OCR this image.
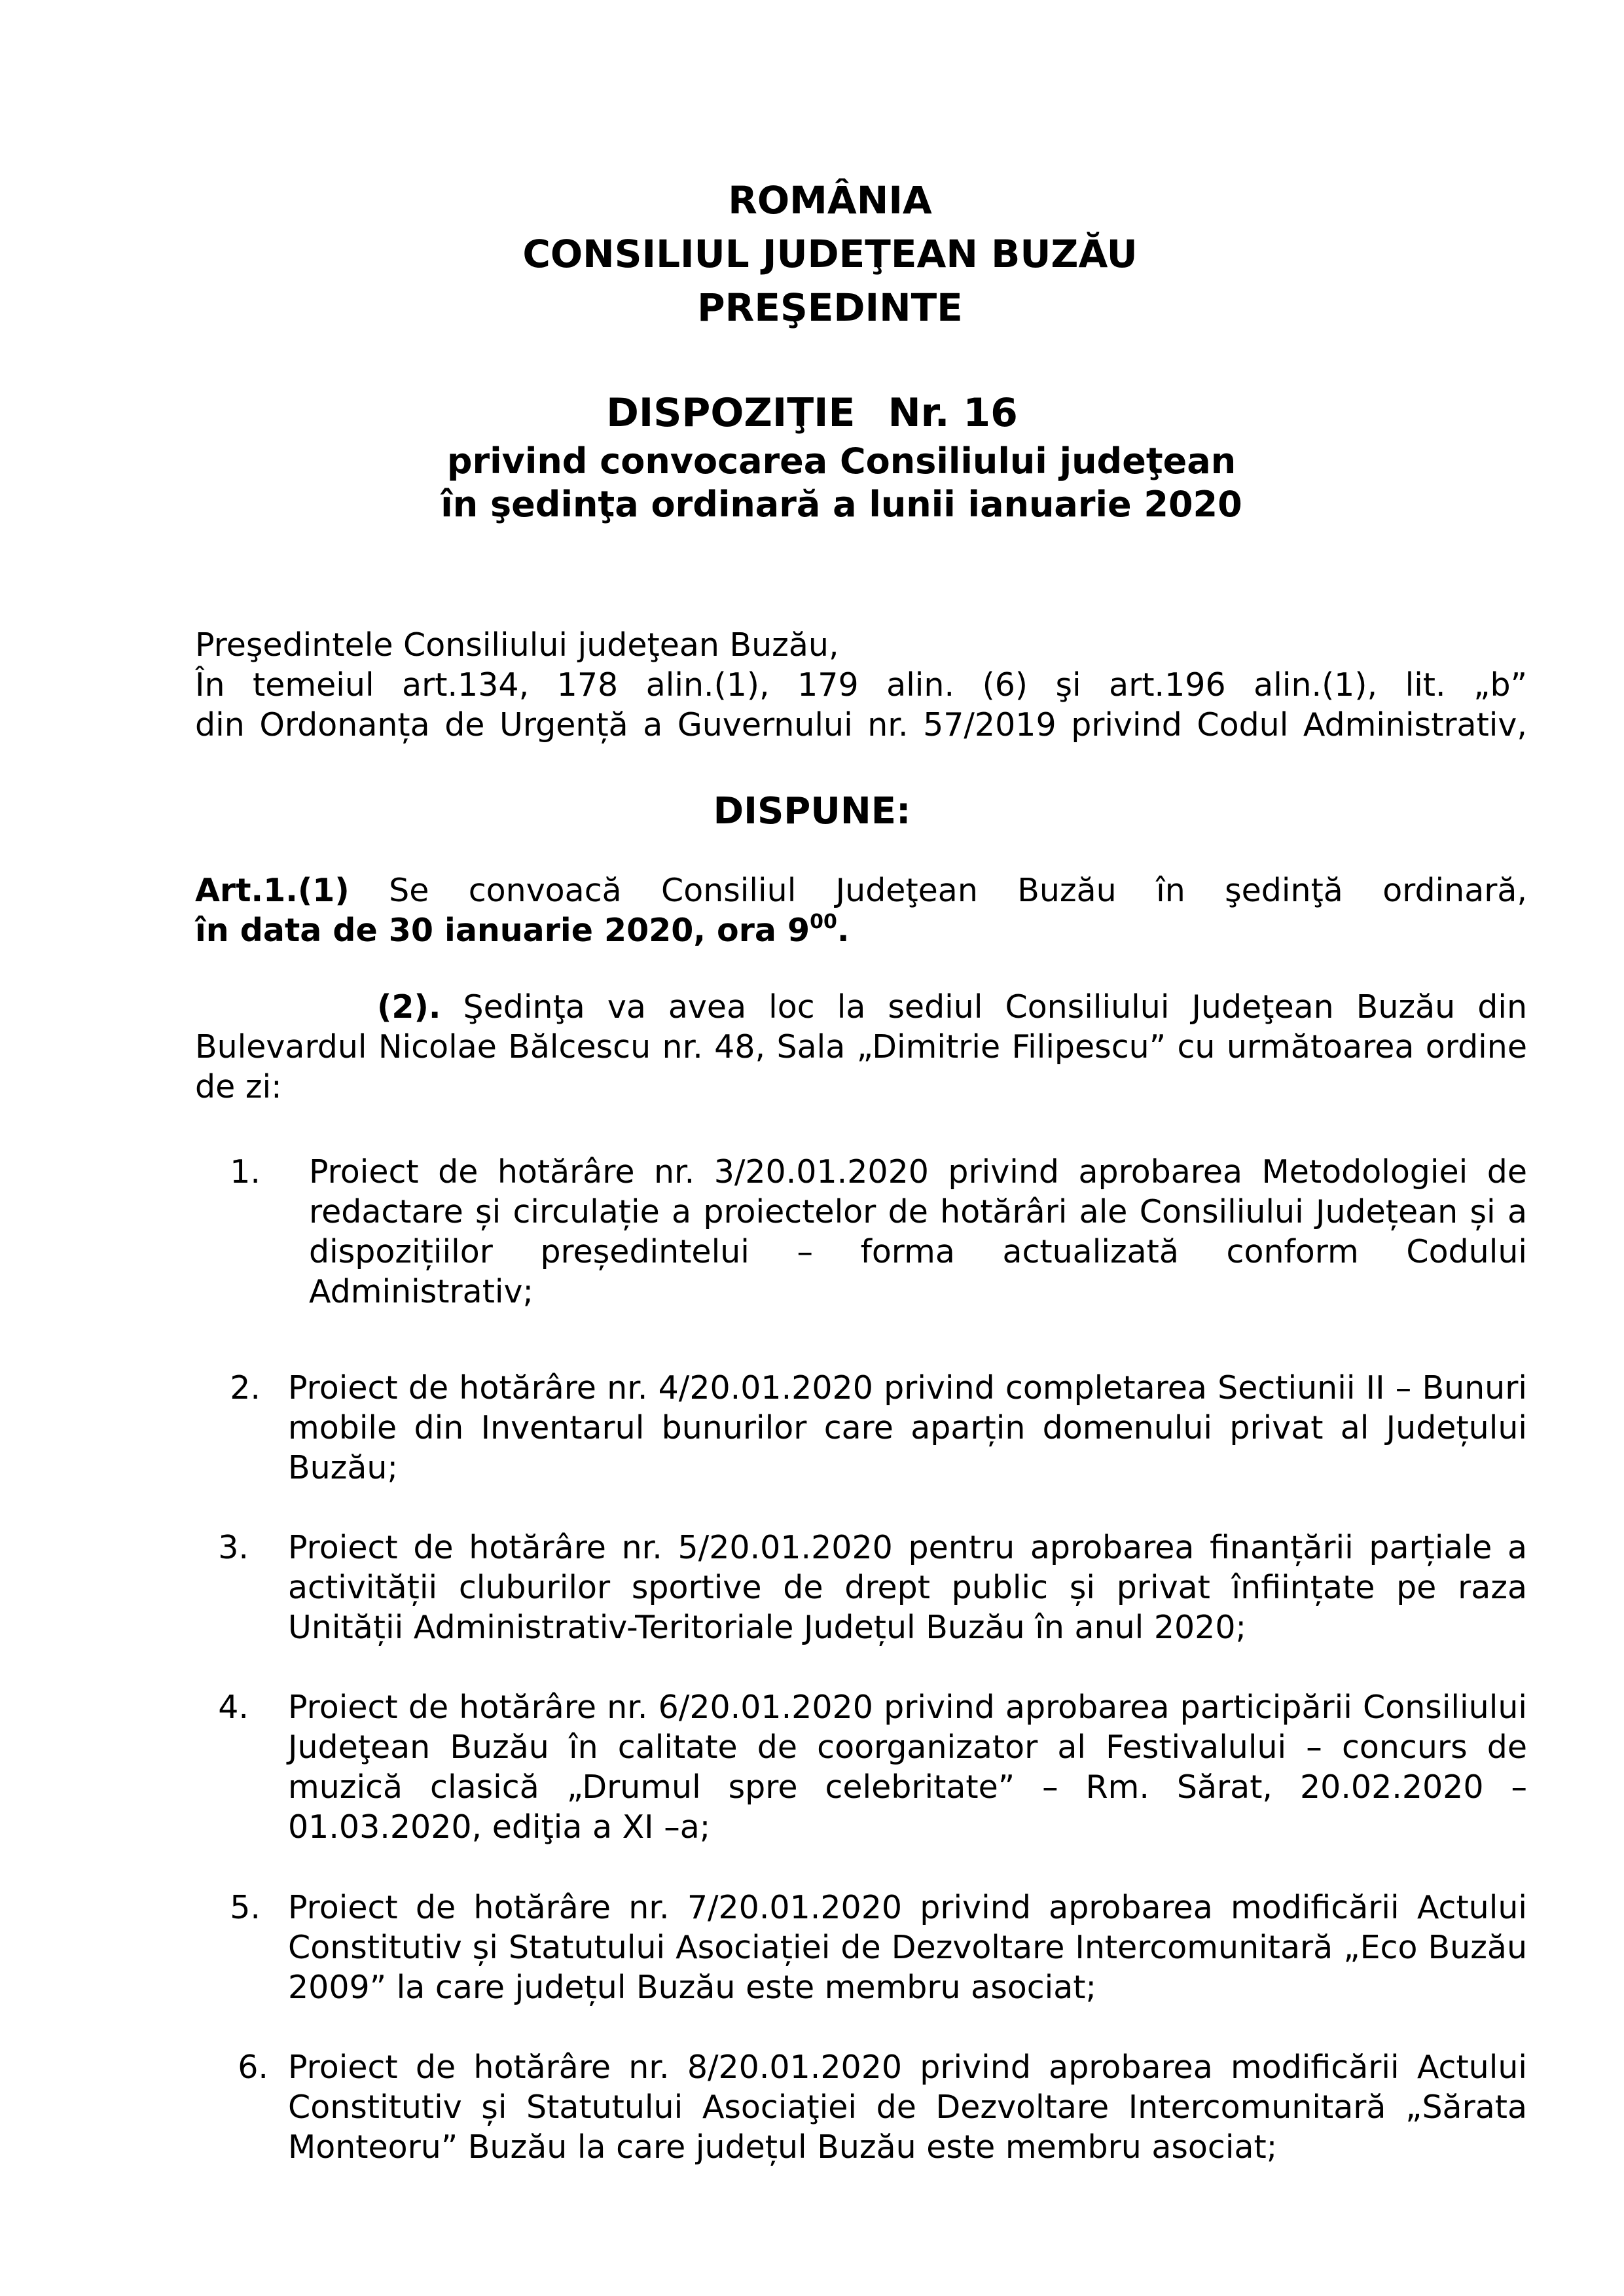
ROMÂNIA
CONSILIUL JUDEŢEAN BUZĂU
PREŞEDINTE
DISPOZIŢIE Nr. 16
privind convocarea Consiliului judeţean
în şedinţa ordinară a lunii ianuarie 2020
Preşedintele Consiliului judeţean Buzău,
În temeiul art.134, 178 alin.(1), 179 alin. (6) şi art.196 alin.(1), lit. „b”
din Ordonanța de Urgență a Guvernului nr. 57/2019 privind Codul Administrativ,
DISPUNE:
Art.1.(1) Se convoacă Consiliul Judeţean Buzău în şedinţă ordinară,
în data de 30 ianuarie 2020, ora $9^{00}$.
(2). Şedinţa va avea loc la sediul Consiliului Judeţean Buzău din Bulevardul Nicolae Bălcescu nr. 48, Sala „Dimitrie Filipescu” cu următoarea ordine de zi:
1. Proiect de hotărâre nr. 3/20.01.2020 privind aprobarea Metodologiei de redactare și circulație a proiectelor de hotărâri ale Consiliului Județean și a dispozițiilor președintelui – forma actualizată conform Codului Administrativ;
2. Proiect de hotărâre nr. 4/20.01.2020 privind completarea Sectiunii II – Bunuri mobile din Inventarul bunurilor care aparțin domenului privat al Județului Buzău;
3. Proiect de hotărâre nr. 5/20.01.2020 pentru aprobarea finanțării parțiale a activității cluburilor sportive de drept public și privat înființate pe raza Unității Administrativ-Teritoriale Județul Buzău în anul 2020;
4. Proiect de hotărâre nr. 6/20.01.2020 privind aprobarea participării Consiliului Judeţean Buzău în calitate de coorganizator al Festivalului – concurs de muzică clasică „Drumul spre celebritate” – Rm. Sărat, 20.02.2020 – 01.03.2020, ediţia a XI –a;
5. Proiect de hotărâre nr. 7/20.01.2020 privind aprobarea modificării Actului Constitutiv și Statutului Asociației de Dezvoltare Intercomunitară „Eco Buzău 2009” la care județul Buzău este membru asociat;
6. Proiect de hotărâre nr. 8/20.01.2020 privind aprobarea modificării Actului Constitutiv și Statutului Asociaţiei de Dezvoltare Intercomunitară „Sărata Monteoru” Buzău la care județul Buzău este membru asociat;
